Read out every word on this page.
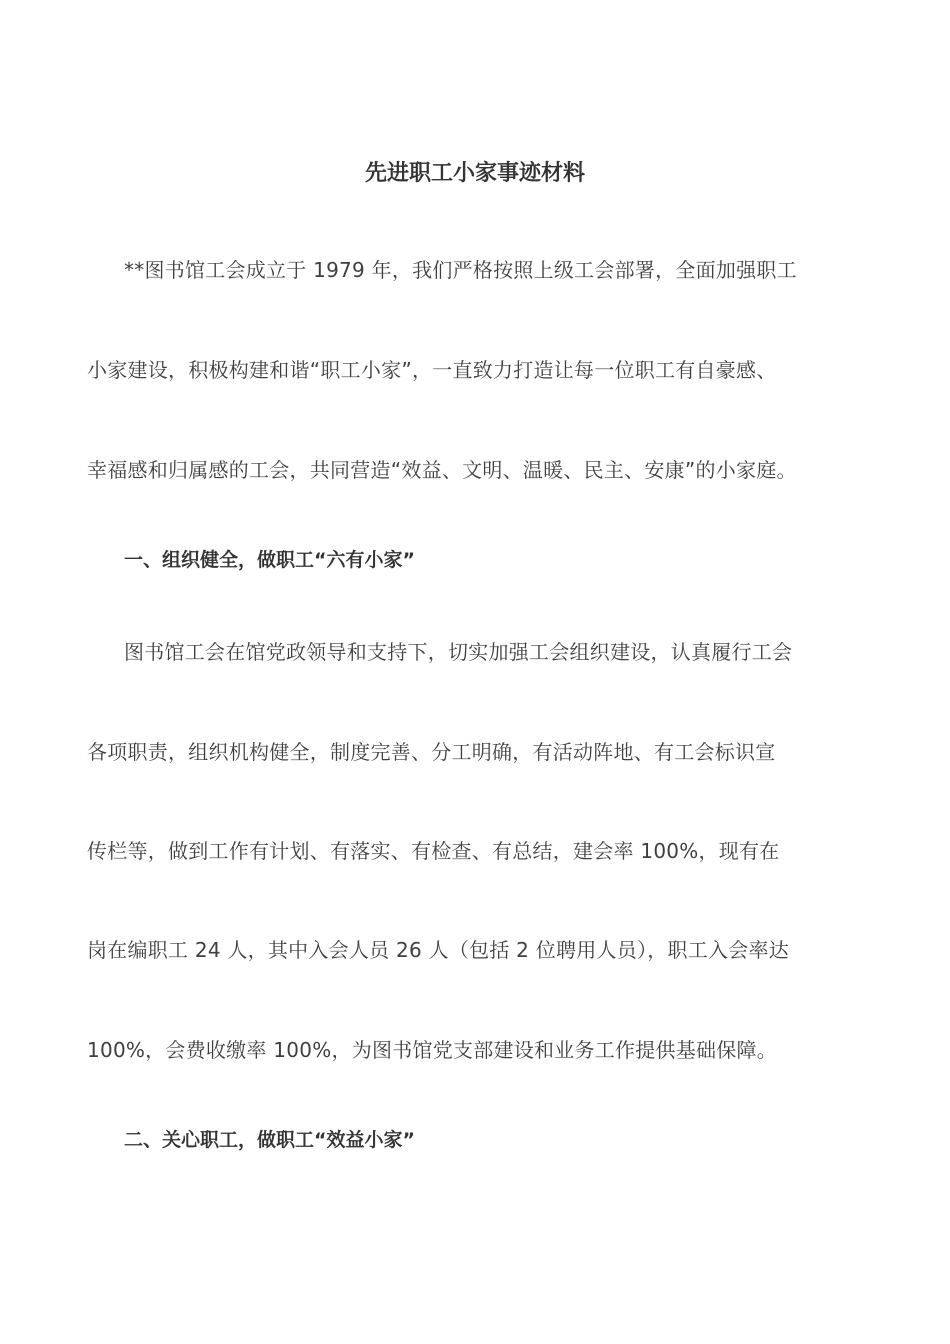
先进职工小家事迹材料
**图书馆工会成立于 1979 年，我们严格按照上级工会部署，全面加强职工
小家建设，积极构建和谐“职工小家”，一直致力打造让每一位职工有自豪感、
幸福感和归属感的工会，共同营造“效益、文明、温暖、民主、安康”的小家庭。
一、组织健全，做职工“六有小家”
图书馆工会在馆党政领导和支持下，切实加强工会组织建设，认真履行工会
各项职责，组织机构健全，制度完善、分工明确，有活动阵地、有工会标识宣
传栏等，做到工作有计划、有落实、有检查、有总结，建会率 100%，现有在
岗在编职工 24 人，其中入会人员 26 人（包括 2 位聘用人员），职工入会率达
100%，会费收缴率 100%，为图书馆党支部建设和业务工作提供基础保障。
二、关心职工，做职工“效益小家”
